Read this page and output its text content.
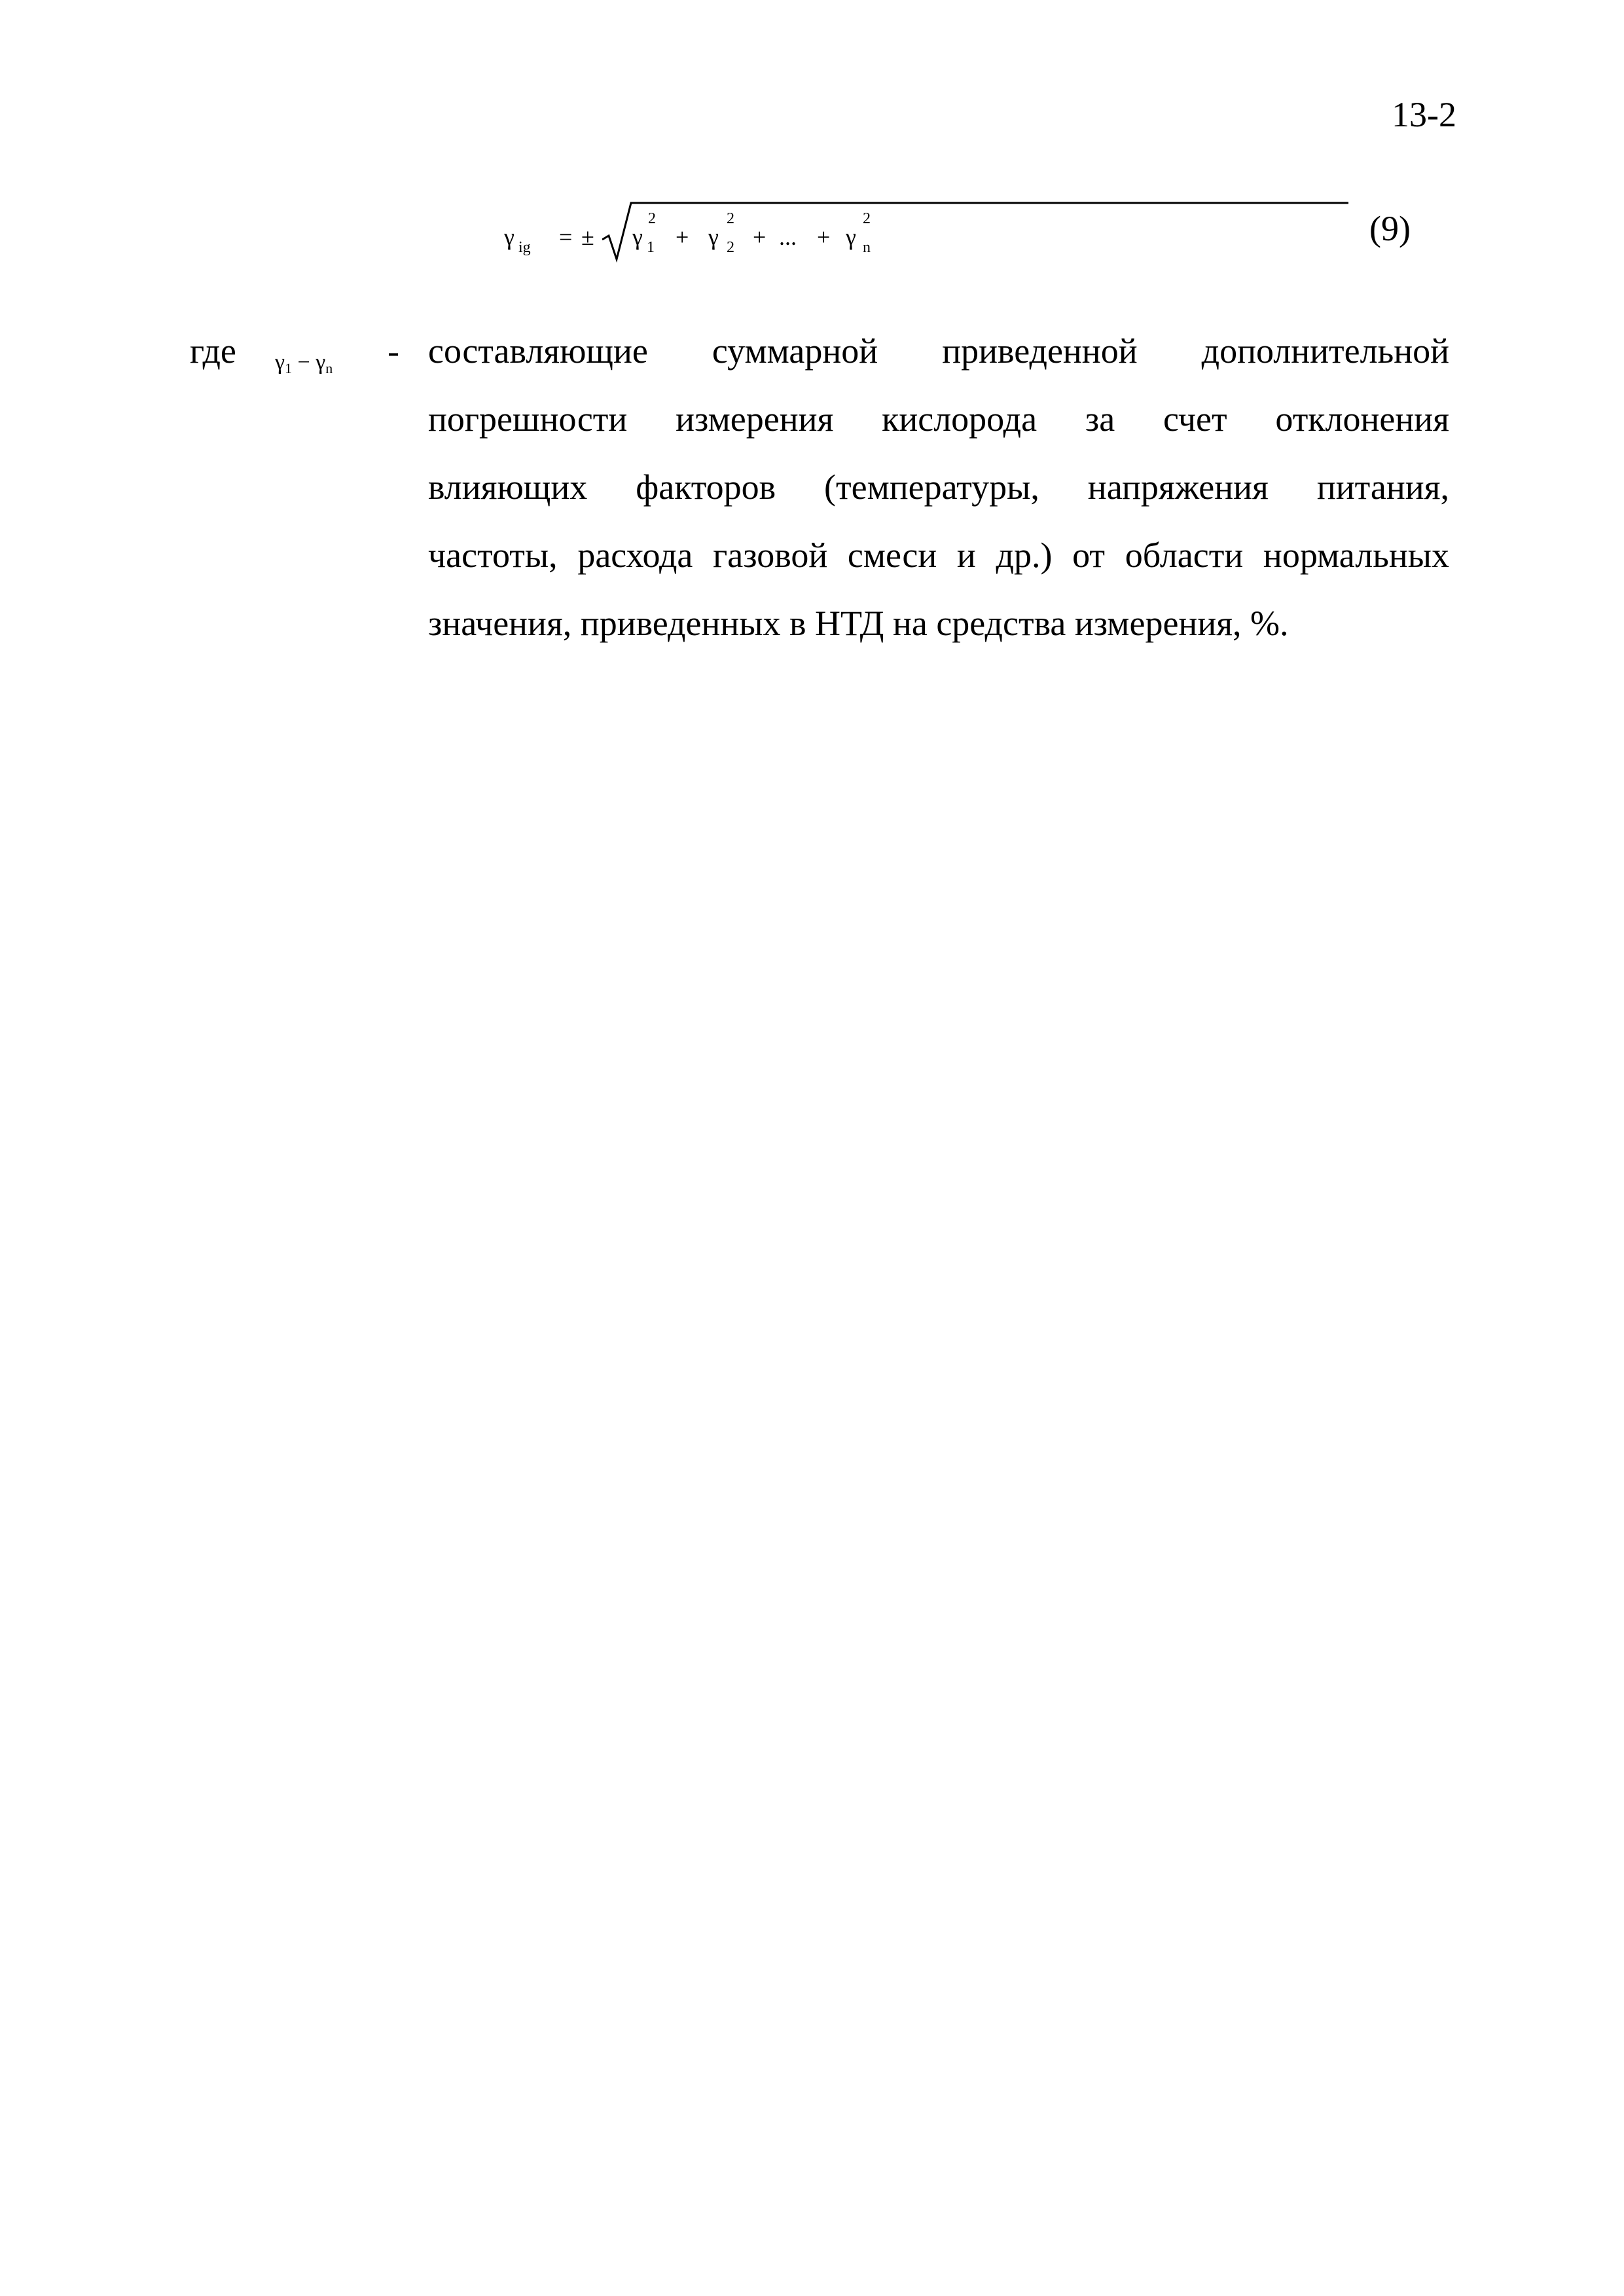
13-2
γ ig = ± γ 1
2
+ γ 2
2
+ ... + γ n
2	(9)
где $\gamma_1 - \gamma_n$ - составляющие суммарной приведенной дополнительной
погрешности измерения кислорода за счет отклонения
влияющих факторов (температуры, напряжения питания,
частоты, расхода газовой смеси и др.) от области нормальных
значения, приведенных в НТД на средства измерения, %.
